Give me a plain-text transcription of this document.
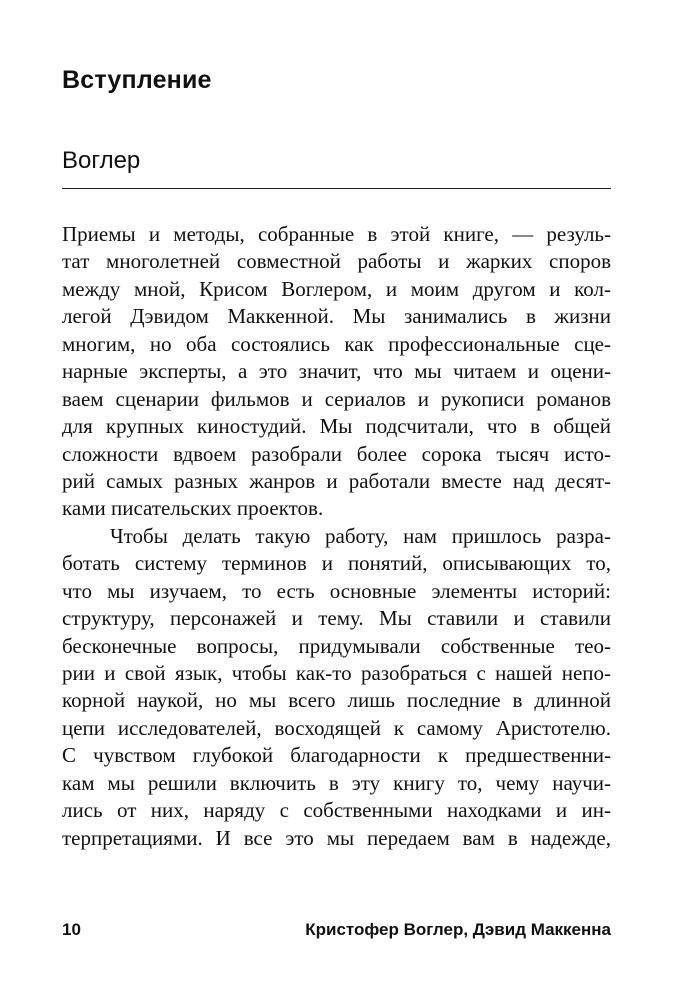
Вступление
Воглер
Приемы и методы, собранные в этой книге, — резуль-
тат многолетней совместной работы и жарких споров
между мной, Крисом Воглером, и моим другом и кол-
легой Дэвидом Маккенной. Мы занимались в жизни
многим, но оба состоялись как профессиональные сце-
нарные эксперты, а это значит, что мы читаем и оцени-
ваем сценарии фильмов и сериалов и рукописи романов
для крупных киностудий. Мы подсчитали, что в общей
сложности вдвоем разобрали более сорока тысяч исто-
рий самых разных жанров и работали вместе над десят-
ками писательских проектов.
Чтобы делать такую работу, нам пришлось разра-
ботать систему терминов и понятий, описывающих то,
что мы изучаем, то есть основные элементы историй:
структуру, персонажей и тему. Мы ставили и ставили
бесконечные вопросы, придумывали собственные тео-
рии и свой язык, чтобы как-то разобраться с нашей непо-
корной наукой, но мы всего лишь последние в длинной
цепи исследователей, восходящей к самому Аристотелю.
С чувством глубокой благодарности к предшественни-
кам мы решили включить в эту книгу то, чему научи-
лись от них, наряду с собственными находками и ин-
терпретациями. И все это мы передаем вам в надежде,
10	Кристофер Воглер, Дэвид Маккенна
